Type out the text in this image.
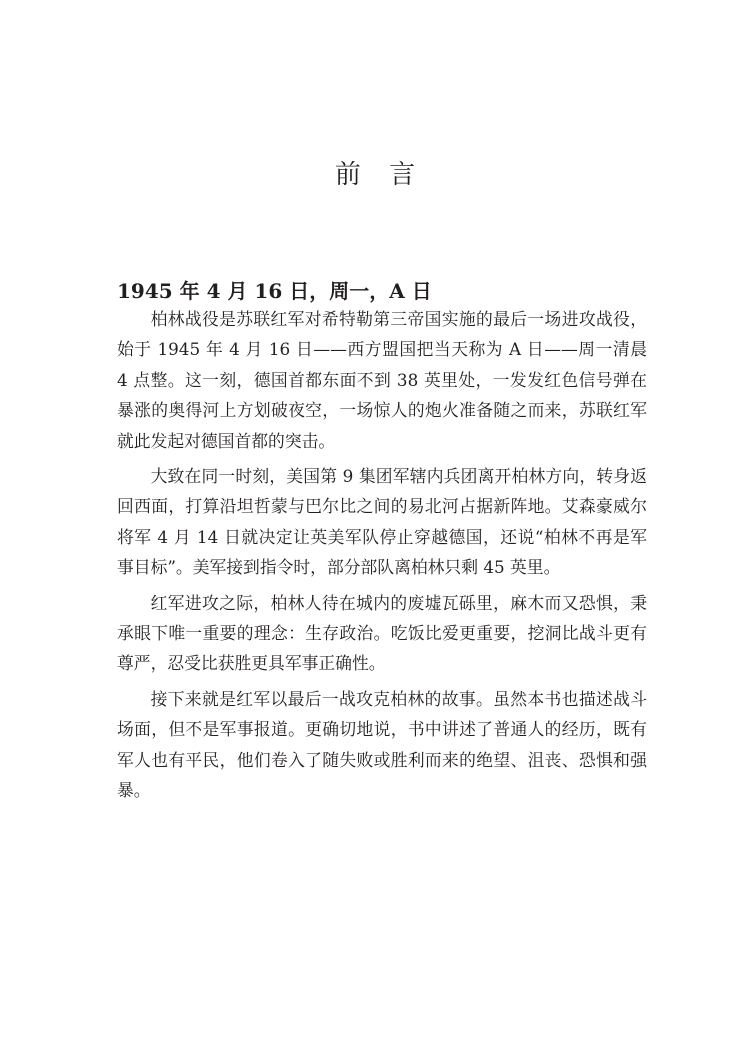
前 言
1945 年 4 月 16 日，周一，A 日

柏林战役是苏联红军对希特勒第三帝国实施的最后一场进攻战役，始于 1945 年 4 月 16 日——西方盟国把当天称为 A 日——周一清晨 4 点整。这一刻，德国首都东面不到 38 英里处，一发发红色信号弹在暴涨的奥得河上方划破夜空，一场惊人的炮火准备随之而来，苏联红军就此发起对德国首都的突击。

大致在同一时刻，美国第 9 集团军辖内兵团离开柏林方向，转身返回西面，打算沿坦哲蒙与巴尔比之间的易北河占据新阵地。艾森豪威尔将军 4 月 14 日就决定让英美军队停止穿越德国，还说“柏林不再是军事目标”。美军接到指令时，部分部队离柏林只剩 45 英里。

红军进攻之际，柏林人待在城内的废墟瓦砾里，麻木而又恐惧，秉承眼下唯一重要的理念：生存政治。吃饭比爱更重要，挖洞比战斗更有尊严，忍受比获胜更具军事正确性。

接下来就是红军以最后一战攻克柏林的故事。虽然本书也描述战斗场面，但不是军事报道。更确切地说，书中讲述了普通人的经历，既有军人也有平民，他们卷入了随失败或胜利而来的绝望、沮丧、恐惧和强暴。
